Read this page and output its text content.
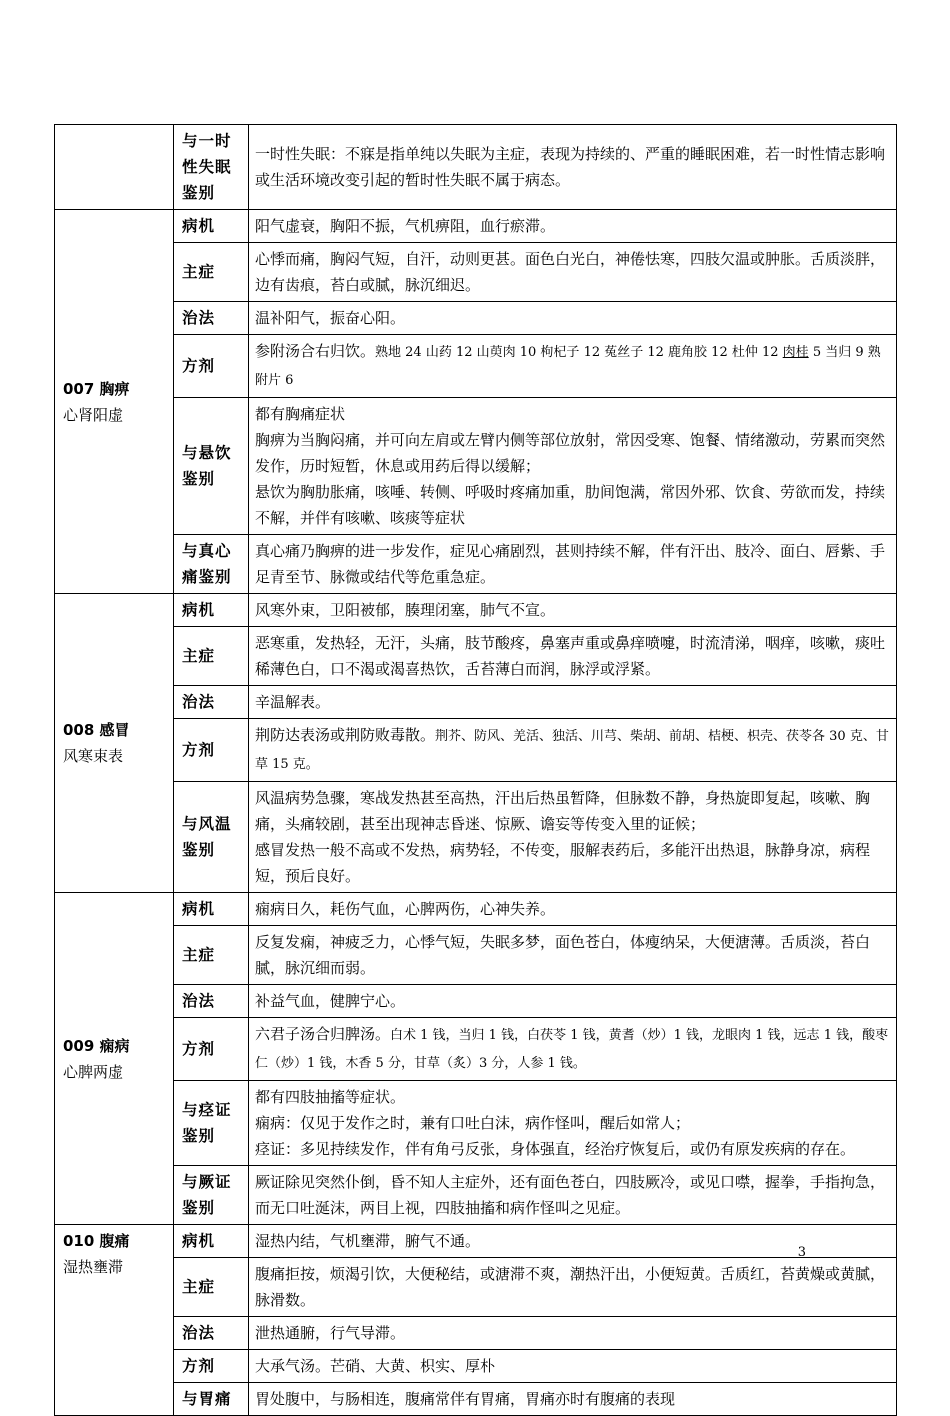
	与一时性失眠鉴别	一时性失眠：不寐是指单纯以失眠为主症，表现为持续的、严重的睡眠困难，若一时性情志影响或生活环境改变引起的暂时性失眠不属于病态。

007 胸痹
心肾阳虚	病机	阳气虚衰，胸阳不振，气机痹阻，血行瘀滞。
	主症	心悸而痛，胸闷气短，自汗，动则更甚。面色白光白，神倦怯寒，四肢欠温或肿胀。舌质淡胖，边有齿痕，苔白或腻，脉沉细迟。
	治法	温补阳气，振奋心阳。
	方剂	参附汤合右归饮。熟地 24 山药 12 山萸肉 10 枸杞子 12 菟丝子 12 鹿角胶 12 杜仲 12 肉桂 5 当归 9 熟附片 6
	与悬饮鉴别	都有胸痛症状
胸痹为当胸闷痛，并可向左肩或左臂内侧等部位放射，常因受寒、饱餐、情绪激动，劳累而突然发作，历时短暂，休息或用药后得以缓解；
悬饮为胸肋胀痛，咳唾、转侧、呼吸时疼痛加重，肋间饱满，常因外邪、饮食、劳欲而发，持续不解，并伴有咳嗽、咳痰等症状

	与真心痛鉴别	真心痛乃胸痹的进一步发作，症见心痛剧烈，甚则持续不解，伴有汗出、肢冷、面白、唇紫、手足青至节、脉微或结代等危重急症。

008 感冒
风寒束表	病机	风寒外束，卫阳被郁，腠理闭塞，肺气不宣。
	主症	恶寒重，发热轻，无汗，头痛，肢节酸疼，鼻塞声重或鼻痒喷嚏，时流清涕，咽痒，咳嗽，痰吐稀薄色白，口不渴或渴喜热饮，舌苔薄白而润，脉浮或浮紧。
	治法	辛温解表。
	方剂	荆防达表汤或荆防败毒散。荆芥、防风、羌活、独活、川芎、柴胡、前胡、桔梗、枳壳、茯苓各 30 克、甘草 15 克。
	与风温鉴别	风温病势急骤，寒战发热甚至高热，汗出后热虽暂降，但脉数不静，身热旋即复起，咳嗽、胸痛，头痛较剧，甚至出现神志昏迷、惊厥、谵妄等传变入里的证候；
感冒发热一般不高或不发热，病势轻，不传变，服解表药后，多能汗出热退，脉静身凉，病程短，预后良好。

009 痫病
心脾两虚	病机	痫病日久，耗伤气血，心脾两伤，心神失养。
	主症	反复发痫，神疲乏力，心悸气短，失眠多梦，面色苍白，体瘦纳呆，大便溏薄。舌质淡，苔白腻，脉沉细而弱。
	治法	补益气血，健脾宁心。
	方剂	六君子汤合归脾汤。白术 1 钱，当归 1 钱，白茯苓 1 钱，黄耆（炒）1 钱，龙眼肉 1 钱，远志 1 钱，酸枣仁（炒）1 钱，木香 5 分，甘草（炙）3 分，人参 1 钱。
	与痉证鉴别	都有四肢抽搐等症状。
痫病：仅见于发作之时，兼有口吐白沫，病作怪叫，醒后如常人；
痉证：多见持续发作，伴有角弓反张，身体强直，经治疗恢复后，或仍有原发疾病的存在。

	与厥证鉴别	厥证除见突然仆倒，昏不知人主症外，还有面色苍白，四肢厥冷，或见口噤，握拳，手指拘急，而无口吐涎沫，两目上视，四肢抽搐和病作怪叫之见症。

010 腹痛
湿热壅滞	病机	湿热内结，气机壅滞，腑气不通。
	主症	腹痛拒按，烦渴引饮，大便秘结，或溏滞不爽，潮热汗出，小便短黄。舌质红，苔黄燥或黄腻，脉滑数。
	治法	泄热通腑，行气导滞。
	方剂	大承气汤。芒硝、大黄、枳实、厚朴
	与胃痛	胃处腹中，与肠相连，腹痛常伴有胃痛，胃痛亦时有腹痛的表现
3
